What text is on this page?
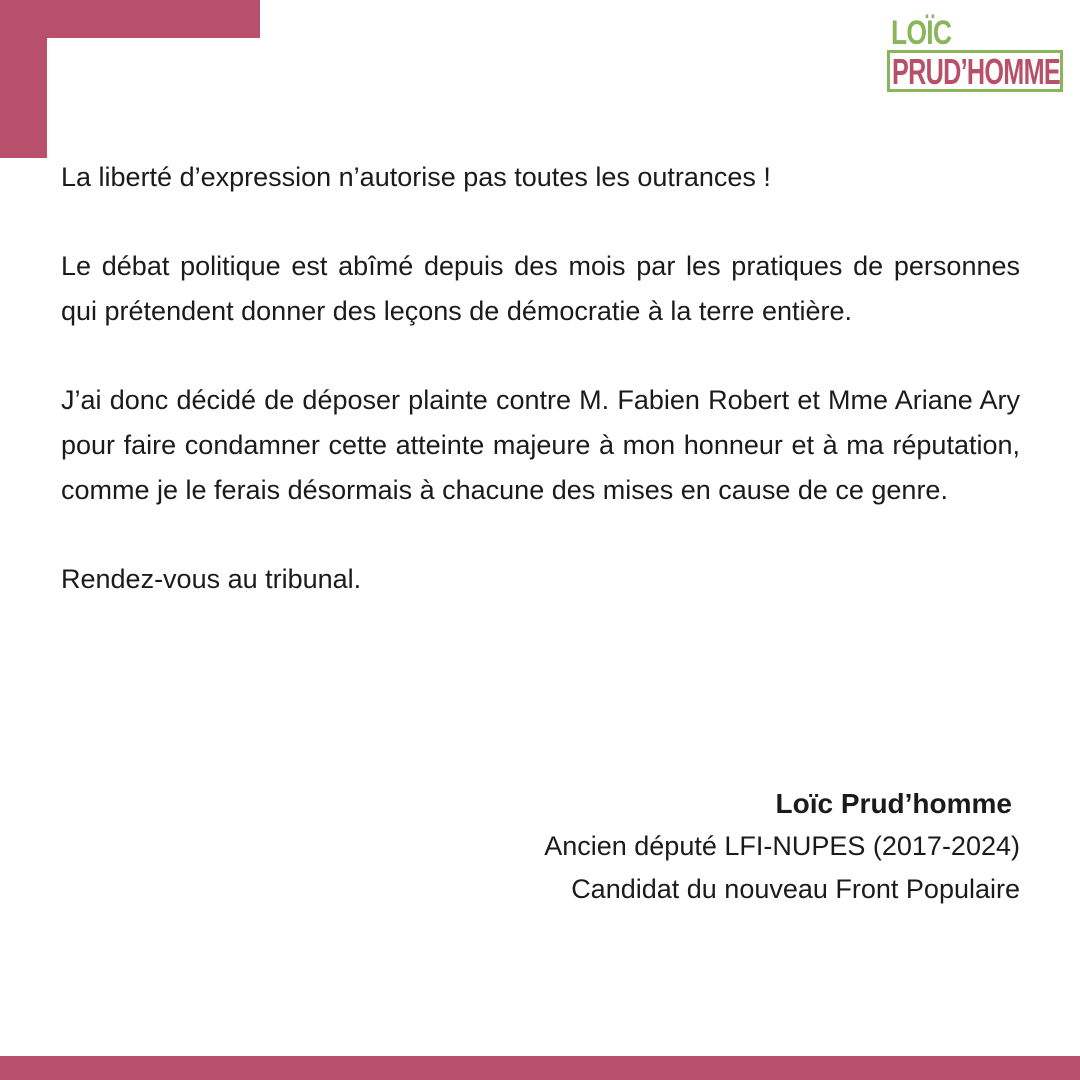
LOÏC
PRUD’HOMME

La liberté d’expression n’autorise pas toutes les outrances !

Le débat politique est abîmé depuis des mois par les pratiques de personnes qui prétendent donner des leçons de démocratie à la terre entière.

J’ai donc décidé de déposer plainte contre M. Fabien Robert et Mme Ariane Ary pour faire condamner cette atteinte majeure à mon honneur et à ma réputation, comme je le ferais désormais à chacune des mises en cause de ce genre.

Rendez-vous au tribunal.

Loïc Prud’homme
Ancien député LFI-NUPES (2017-2024)
Candidat du nouveau Front Populaire
